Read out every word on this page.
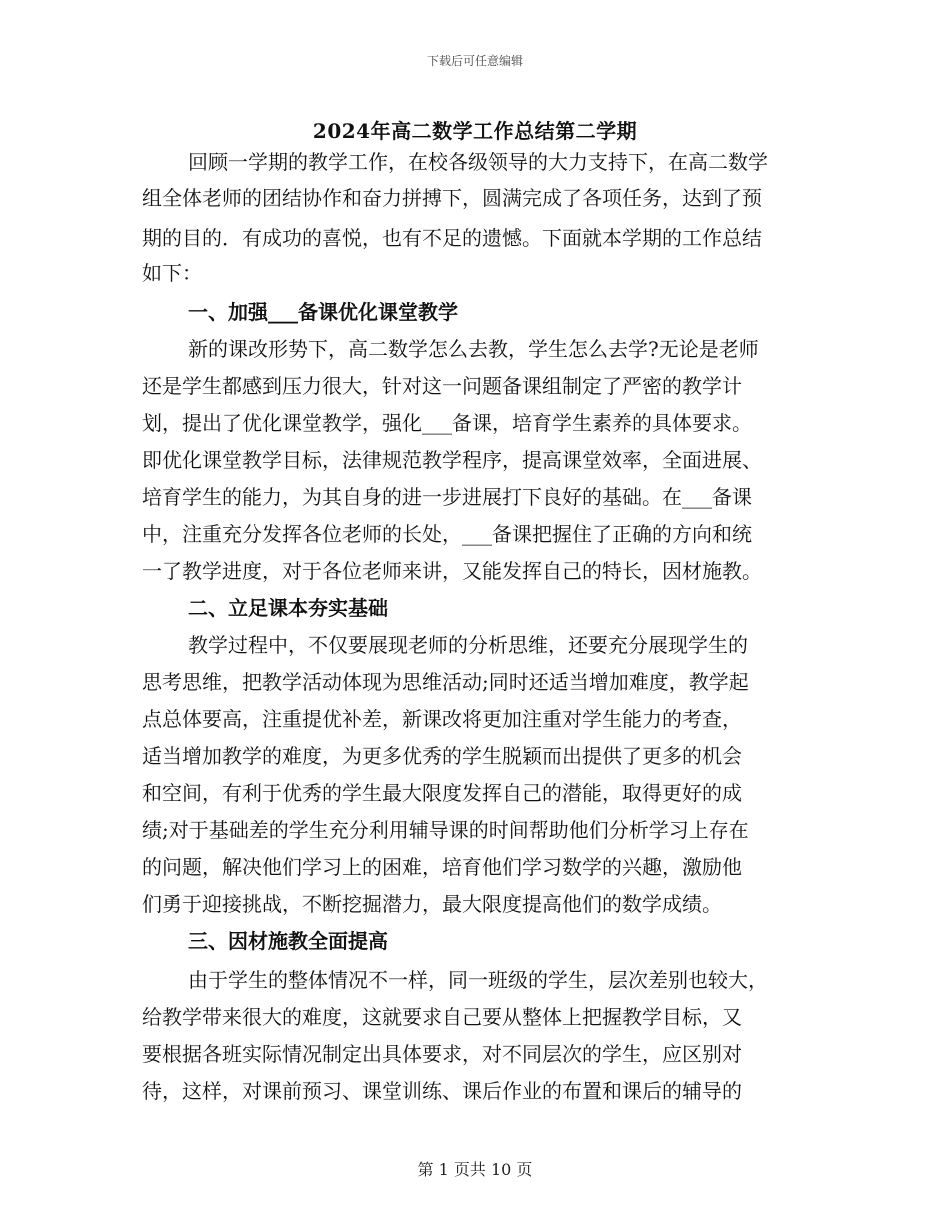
下载后可任意编辑
2024年高二数学工作总结第二学期
回顾一学期的教学工作，在校各级领导的大力支持下，在高二数学
组全体老师的团结协作和奋力拼搏下，圆满完成了各项任务，达到了预
期的目的．有成功的喜悦，也有不足的遗憾。下面就本学期的工作总结
如下：
一、加强___备课优化课堂教学
新的课改形势下，高二数学怎么去教，学生怎么去学?无论是老师
还是学生都感到压力很大，针对这一问题备课组制定了严密的教学计
划，提出了优化课堂教学，强化___备课，培育学生素养的具体要求。
即优化课堂教学目标，法律规范教学程序，提高课堂效率，全面进展、
培育学生的能力，为其自身的进一步进展打下良好的基础。在___备课
中，注重充分发挥各位老师的长处，___备课把握住了正确的方向和统
一了教学进度，对于各位老师来讲，又能发挥自己的特长，因材施教。
二、立足课本夯实基础
教学过程中，不仅要展现老师的分析思维，还要充分展现学生的
思考思维，把教学活动体现为思维活动;同时还适当增加难度，教学起
点总体要高，注重提优补差，新课改将更加注重对学生能力的考查，
适当增加教学的难度，为更多优秀的学生脱颖而出提供了更多的机会
和空间，有利于优秀的学生最大限度发挥自己的潜能，取得更好的成
绩;对于基础差的学生充分利用辅导课的时间帮助他们分析学习上存在
的问题，解决他们学习上的困难，培育他们学习数学的兴趣，激励他
们勇于迎接挑战，不断挖掘潜力，最大限度提高他们的数学成绩。
三、因材施教全面提高
由于学生的整体情况不一样，同一班级的学生，层次差别也较大，
给教学带来很大的难度，这就要求自己要从整体上把握教学目标，又
要根据各班实际情况制定出具体要求，对不同层次的学生，应区别对
待，这样，对课前预习、课堂训练、课后作业的布置和课后的辅导的
第 1 页共 10 页
